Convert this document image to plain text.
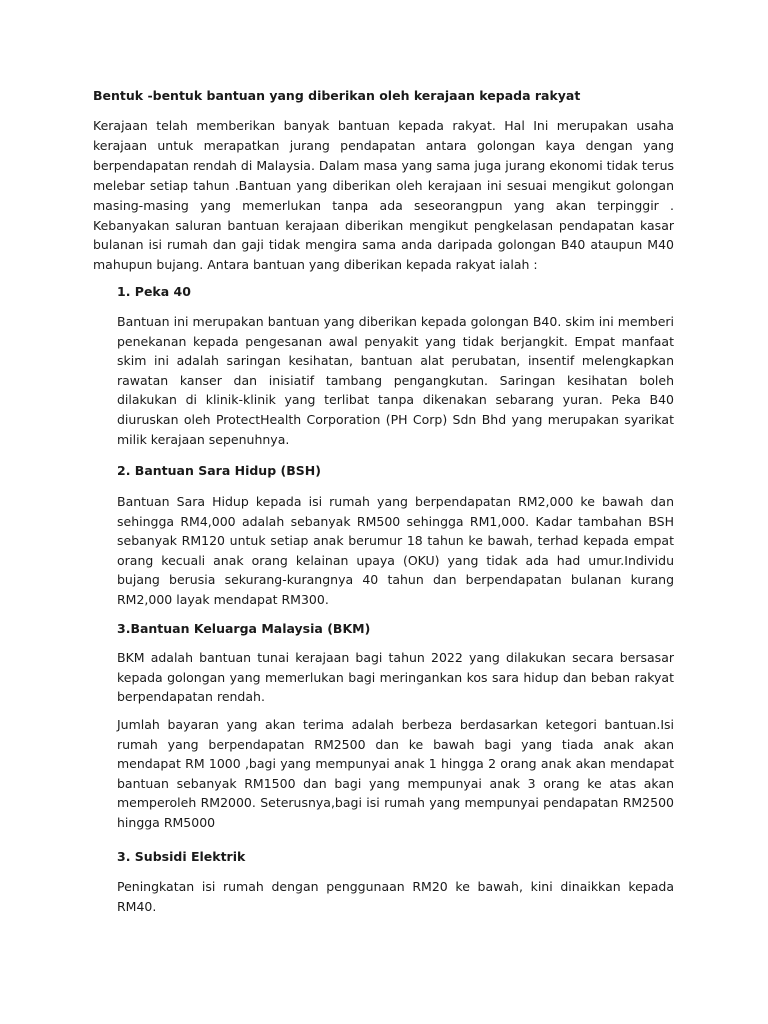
Bentuk -bentuk bantuan yang diberikan oleh kerajaan kepada rakyat

Kerajaan telah memberikan banyak bantuan kepada rakyat. Hal Ini merupakan usaha kerajaan untuk merapatkan jurang pendapatan antara golongan kaya dengan yang berpendapatan rendah di Malaysia. Dalam masa yang sama juga jurang ekonomi tidak terus melebar setiap tahun .Bantuan yang diberikan oleh kerajaan ini sesuai mengikut golongan masing-masing yang memerlukan tanpa ada seseorangpun yang akan terpinggir . Kebanyakan saluran bantuan kerajaan diberikan mengikut pengkelasan pendapatan kasar bulanan isi rumah dan gaji tidak mengira sama anda daripada golongan B40 ataupun M40 mahupun bujang. Antara bantuan yang diberikan kepada rakyat ialah :

1. Peka 40

Bantuan ini merupakan bantuan yang diberikan kepada golongan B40. skim ini memberi penekanan kepada pengesanan awal penyakit yang tidak berjangkit. Empat manfaat skim ini adalah saringan kesihatan, bantuan alat perubatan, insentif melengkapkan rawatan kanser dan inisiatif tambang pengangkutan. Saringan kesihatan boleh dilakukan di klinik-klinik yang terlibat tanpa dikenakan sebarang yuran. Peka B40 diuruskan oleh ProtectHealth Corporation (PH Corp) Sdn Bhd yang merupakan syarikat milik kerajaan sepenuhnya.

2. Bantuan Sara Hidup (BSH)

Bantuan Sara Hidup kepada isi rumah yang berpendapatan RM2,000 ke bawah dan sehingga RM4,000 adalah sebanyak RM500 sehingga RM1,000. Kadar tambahan BSH sebanyak RM120 untuk setiap anak berumur 18 tahun ke bawah, terhad kepada empat orang kecuali anak orang kelainan upaya (OKU) yang tidak ada had umur.Individu bujang berusia sekurang-kurangnya 40 tahun dan berpendapatan bulanan kurang RM2,000 layak mendapat RM300.

3.Bantuan Keluarga Malaysia (BKM)

BKM adalah bantuan tunai kerajaan bagi tahun 2022 yang dilakukan secara bersasar kepada golongan yang memerlukan bagi meringankan kos sara hidup dan beban rakyat berpendapatan rendah.

Jumlah bayaran yang akan terima adalah berbeza berdasarkan ketegori bantuan.Isi rumah yang berpendapatan RM2500 dan ke bawah bagi yang tiada anak akan mendapat RM 1000 ,bagi yang mempunyai anak 1 hingga 2 orang anak akan mendapat bantuan sebanyak RM1500 dan bagi yang mempunyai anak 3 orang ke atas akan memperoleh RM2000. Seterusnya,bagi isi rumah yang mempunyai pendapatan RM2500 hingga RM5000

3. Subsidi Elektrik

Peningkatan isi rumah dengan penggunaan RM20 ke bawah, kini dinaikkan kepada RM40.
